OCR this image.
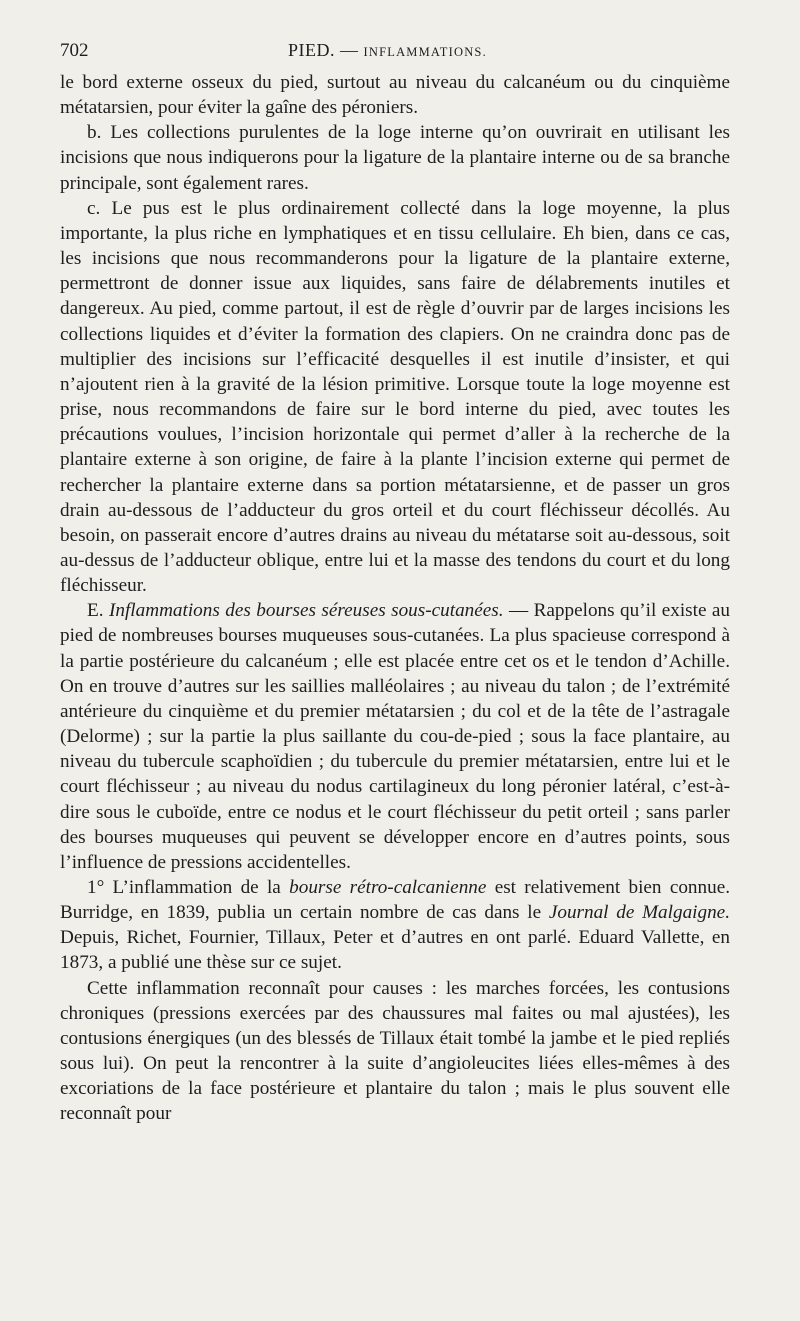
702	PIED. — INFLAMMATIONS.

le bord externe osseux du pied, surtout au niveau du calcanéum ou du cinquième métatarsien, pour éviter la gaîne des péroniers.

b. Les collections purulentes de la loge interne qu’on ouvrirait en utilisant les incisions que nous indiquerons pour la ligature de la plantaire interne ou de sa branche principale, sont également rares.

c. Le pus est le plus ordinairement collecté dans la loge moyenne, la plus importante, la plus riche en lymphatiques et en tissu cellulaire. Eh bien, dans ce cas, les incisions que nous recommanderons pour la ligature de la plantaire externe, permettront de donner issue aux liquides, sans faire de délabrements inutiles et dangereux. Au pied, comme partout, il est de règle d’ouvrir par de larges incisions les collections liquides et d’éviter la formation des clapiers. On ne craindra donc pas de multiplier des incisions sur l’efficacité desquelles il est inutile d’insister, et qui n’ajoutent rien à la gravité de la lésion primitive. Lorsque toute la loge moyenne est prise, nous recommandons de faire sur le bord interne du pied, avec toutes les précautions voulues, l’incision horizontale qui permet d’aller à la recherche de la plantaire externe à son origine, de faire à la plante l’incision externe qui permet de rechercher la plantaire externe dans sa portion métatarsienne, et de passer un gros drain au-dessous de l’adducteur du gros orteil et du court fléchisseur décollés. Au besoin, on passerait encore d’autres drains au niveau du métatarse soit au-dessous, soit au-dessus de l’adducteur oblique, entre lui et la masse des tendons du court et du long fléchisseur.

E. Inflammations des bourses séreuses sous-cutanées. — Rappelons qu’il existe au pied de nombreuses bourses muqueuses sous-cutanées. La plus spacieuse correspond à la partie postérieure du calcanéum ; elle est placée entre cet os et le tendon d’Achille. On en trouve d’autres sur les saillies malléolaires ; au niveau du talon ; de l’extrémité antérieure du cinquième et du premier métatarsien ; du col et de la tête de l’astragale (Delorme) ; sur la partie la plus saillante du cou-de-pied ; sous la face plantaire, au niveau du tubercule scaphoïdien ; du tubercule du premier métatarsien, entre lui et le court fléchisseur ; au niveau du nodus cartilagineux du long péronier latéral, c’est-à-dire sous le cuboïde, entre ce nodus et le court fléchisseur du petit orteil ; sans parler des bourses muqueuses qui peuvent se développer encore en d’autres points, sous l’influence de pressions accidentelles.

1° L’inflammation de la bourse rétro-calcanienne est relativement bien connue. Burridge, en 1839, publia un certain nombre de cas dans le Journal de Malgaigne. Depuis, Richet, Fournier, Tillaux, Peter et d’autres en ont parlé. Eduard Vallette, en 1873, a publié une thèse sur ce sujet.

Cette inflammation reconnaît pour causes : les marches forcées, les contusions chroniques (pressions exercées par des chaussures mal faites ou mal ajustées), les contusions énergiques (un des blessés de Tillaux était tombé la jambe et le pied repliés sous lui). On peut la rencontrer à la suite d’angioleucites liées elles-mêmes à des excoriations de la face postérieure et plantaire du talon ; mais le plus souvent elle reconnaît pour
